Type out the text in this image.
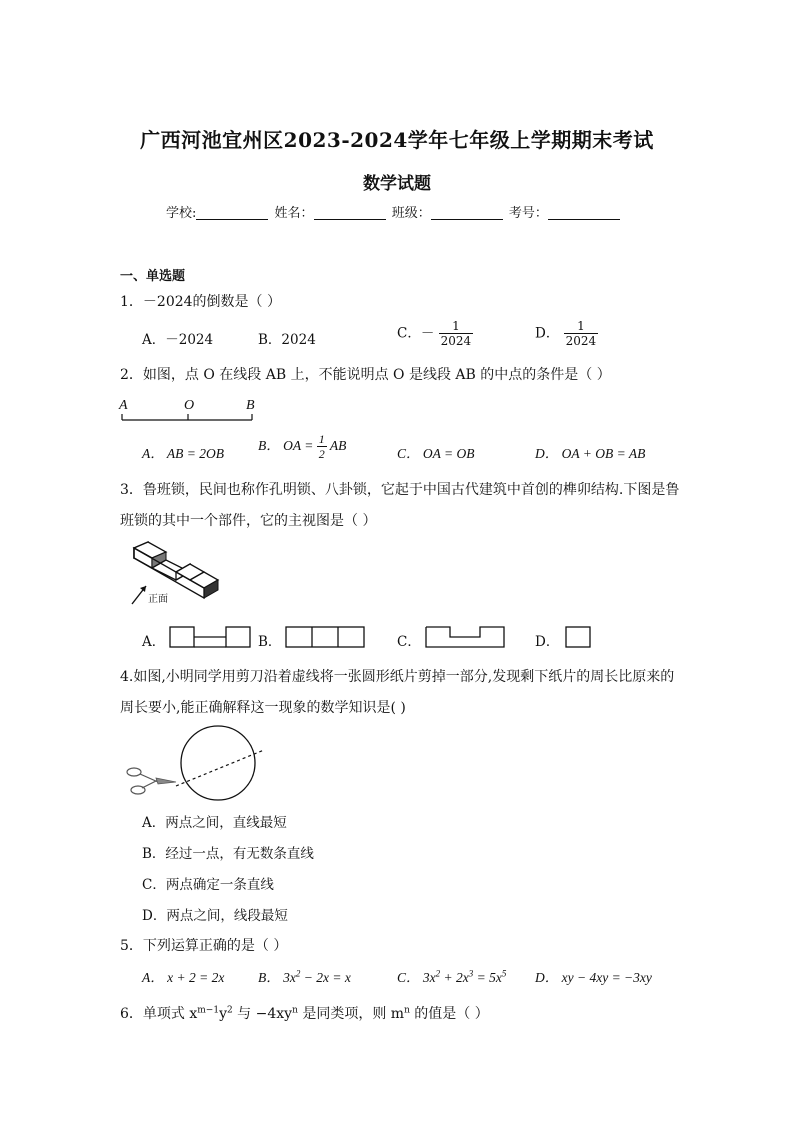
广西河池宜州区2023-2024学年七年级上学期期末考试
数学试题
学校:	姓名：	班级：	考号：
一、单选题
1．－2024的倒数是（ ）
A．－2024	B．2024	C．－ $\frac{1}{2024}$	D． $\frac{1}{2024}$
2．如图，点 O 在线段 AB 上，不能说明点 O 是线段 AB 的中点的条件是（ ）
A	O	B
A． AB = 2OB
B． OA = $\frac{1}{2}$ AB
C． OA = OB	D． OA + OB = AB
3．鲁班锁，民间也称作孔明锁、八卦锁，它起于中国古代建筑中首创的榫卯结构.下图是鲁
班锁的其中一个部件，它的主视图是（ ）
正面
A．	B．	C．	D．
4.如图,小明同学用剪刀沿着虚线将一张圆形纸片剪掉一部分,发现剩下纸片的周长比原来的
周长要小,能正确解释这一现象的数学知识是( )
A．两点之间，直线最短
B．经过一点，有无数条直线
C．两点确定一条直线
D．两点之间，线段最短
5．下列运算正确的是（ ）
A． x + 2 = 2x B． $3x^2 - 2x = x$	C． $3x^2 + 2x^3 = 5x^5$ D． xy − 4xy = −3xy
6．单项式 $x^{m-1}y^2$ 与 $-4xy^n$ 是同类项，则 $m^n$ 的值是（ ）
